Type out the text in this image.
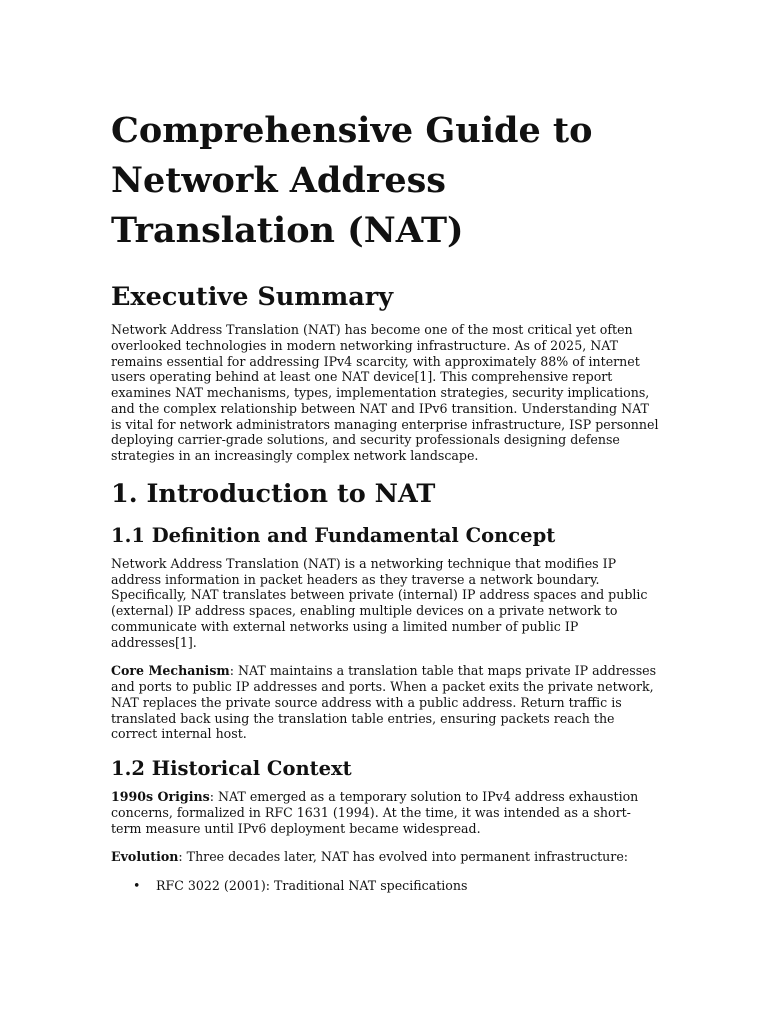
Comprehensive Guide to Network Address Translation (NAT)
Executive Summary

Network Address Translation (NAT) has become one of the most critical yet often overlooked technologies in modern networking infrastructure. As of 2025, NAT remains essential for addressing IPv4 scarcity, with approximately 88% of internet users operating behind at least one NAT device[1]. This comprehensive report examines NAT mechanisms, types, implementation strategies, security implications, and the complex relationship between NAT and IPv6 transition. Understanding NAT is vital for network administrators managing enterprise infrastructure, ISP personnel deploying carrier-grade solutions, and security professionals designing defense strategies in an increasingly complex network landscape.

1. Introduction to NAT
1.1 Definition and Fundamental Concept

Network Address Translation (NAT) is a networking technique that modifies IP address information in packet headers as they traverse a network boundary. Specifically, NAT translates between private (internal) IP address spaces and public (external) IP address spaces, enabling multiple devices on a private network to communicate with external networks using a limited number of public IP addresses[1].

Core Mechanism: NAT maintains a translation table that maps private IP addresses and ports to public IP addresses and ports. When a packet exits the private network, NAT replaces the private source address with a public address. Return traffic is translated back using the translation table entries, ensuring packets reach the correct internal host.

1.2 Historical Context

1990s Origins: NAT emerged as a temporary solution to IPv4 address exhaustion concerns, formalized in RFC 1631 (1994). At the time, it was intended as a short-term measure until IPv6 deployment became widespread.

Evolution: Three decades later, NAT has evolved into permanent infrastructure:

• RFC 3022 (2001): Traditional NAT specifications
